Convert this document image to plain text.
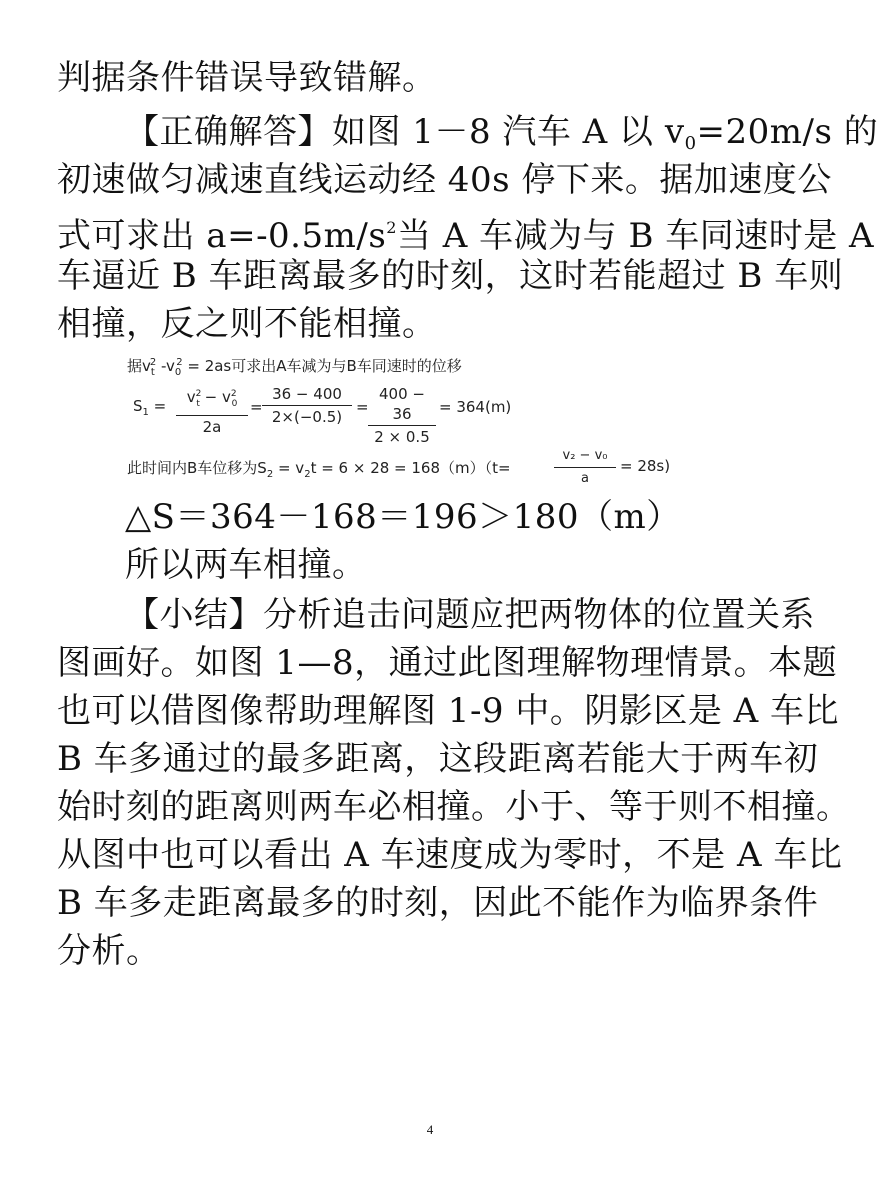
判据条件错误导致错解。
【正确解答】如图 1－8 汽车 A 以 $v_0=20m/s$ 的
初速做匀减速直线运动经 40s 停下来。据加速度公
式可求出 $a=-0.5m/s^2$当 A 车减为与 B 车同速时是 A
车逼近 B 车距离最多的时刻，这时若能超过 B 车则
相撞，反之则不能相撞。
据$v_t^2$ $-v_0^2 = 2as$可求出A车减为与B车同速时的位移
$S_1$ =	$v^2_t - v^2_0$
2a
=
36 − 400
2×(−0.5)
=
400 − 36
2 × 0.5
= 364(m)
此时间内B车位移为$S_2 = v_2t = 6 \times 28 = 168(m)(t=$
v₂ − v₀
a
= 28s)
△S＝364－168＝196＞180（m）
所以两车相撞。
【小结】分析追击问题应把两物体的位置关系
图画好。如图 1—8，通过此图理解物理情景。本题
也可以借图像帮助理解图 1-9 中。阴影区是 A 车比
B 车多通过的最多距离，这段距离若能大于两车初
始时刻的距离则两车必相撞。小于、等于则不相撞。
从图中也可以看出 A 车速度成为零时，不是 A 车比
B 车多走距离最多的时刻，因此不能作为临界条件
分析。
4
